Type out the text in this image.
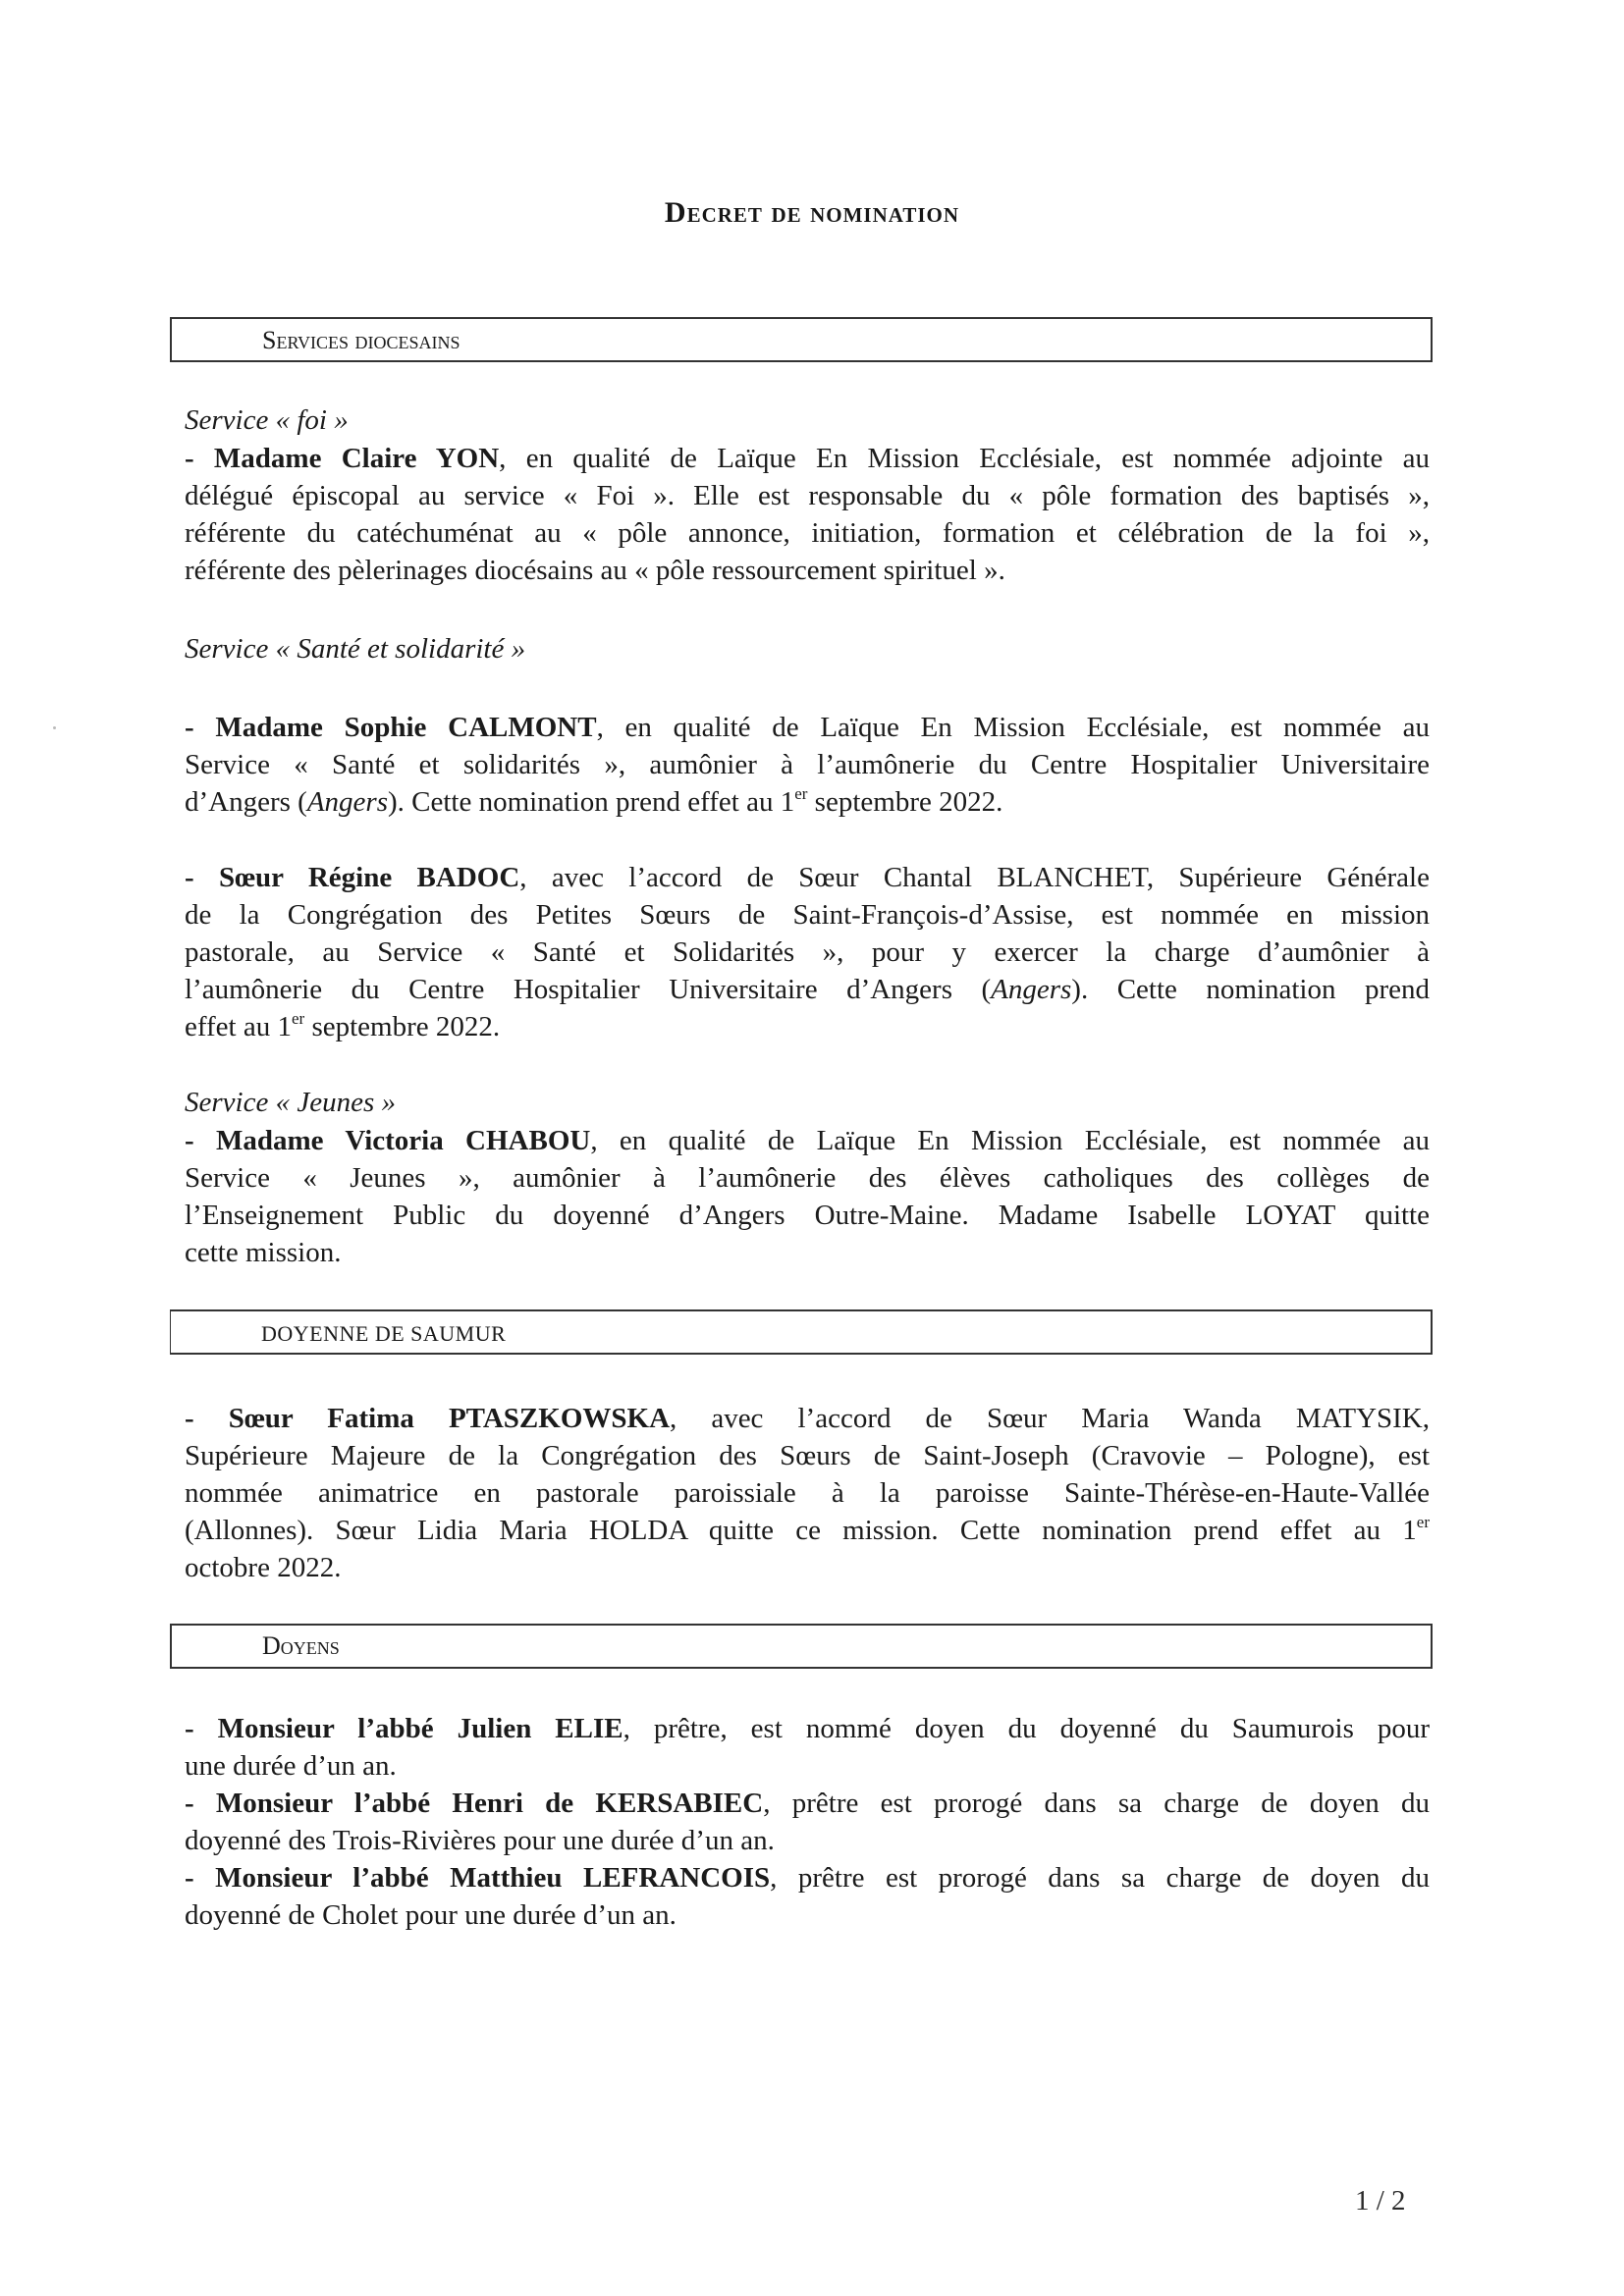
Decret de nomination
Services diocesains
Service « foi »
- Madame Claire YON, en qualité de Laïque En Mission Ecclésiale, est nommée adjointe au
délégué épiscopal au service « Foi ». Elle est responsable du « pôle formation des baptisés »,
référente du catéchuménat au « pôle annonce, initiation, formation et célébration de la foi »,
référente des pèlerinages diocésains au « pôle ressourcement spirituel ».
Service « Santé et solidarité »
- Madame Sophie CALMONT, en qualité de Laïque En Mission Ecclésiale, est nommée au
Service « Santé et solidarités », aumônier à l’aumônerie du Centre Hospitalier Universitaire
d’Angers (Angers). Cette nomination prend effet au 1er septembre 2022.
- Sœur Régine BADOC, avec l’accord de Sœur Chantal BLANCHET, Supérieure Générale
de la Congrégation des Petites Sœurs de Saint-François-d’Assise, est nommée en mission
pastorale, au Service « Santé et Solidarités », pour y exercer la charge d’aumônier à
l’aumônerie du Centre Hospitalier Universitaire d’Angers (Angers). Cette nomination prend
effet au 1er septembre 2022.
Service « Jeunes »
- Madame Victoria CHABOU, en qualité de Laïque En Mission Ecclésiale, est nommée au
Service « Jeunes », aumônier à l’aumônerie des élèves catholiques des collèges de
l’Enseignement Public du doyenné d’Angers Outre-Maine. Madame Isabelle LOYAT quitte
cette mission.
DOYENNE DE SAUMUR
- Sœur Fatima PTASZKOWSKA, avec l’accord de Sœur Maria Wanda MATYSIK,
Supérieure Majeure de la Congrégation des Sœurs de Saint-Joseph (Cravovie – Pologne), est
nommée animatrice en pastorale paroissiale à la paroisse Sainte-Thérèse-en-Haute-Vallée
(Allonnes). Sœur Lidia Maria HOLDA quitte ce mission. Cette nomination prend effet au 1er
octobre 2022.
Doyens
- Monsieur l’abbé Julien ELIE, prêtre, est nommé doyen du doyenné du Saumurois pour
une durée d’un an.
- Monsieur l’abbé Henri de KERSABIEC, prêtre est prorogé dans sa charge de doyen du
doyenné des Trois-Rivières pour une durée d’un an.
- Monsieur l’abbé Matthieu LEFRANCOIS, prêtre est prorogé dans sa charge de doyen du
doyenné de Cholet pour une durée d’un an.
1 / 2
